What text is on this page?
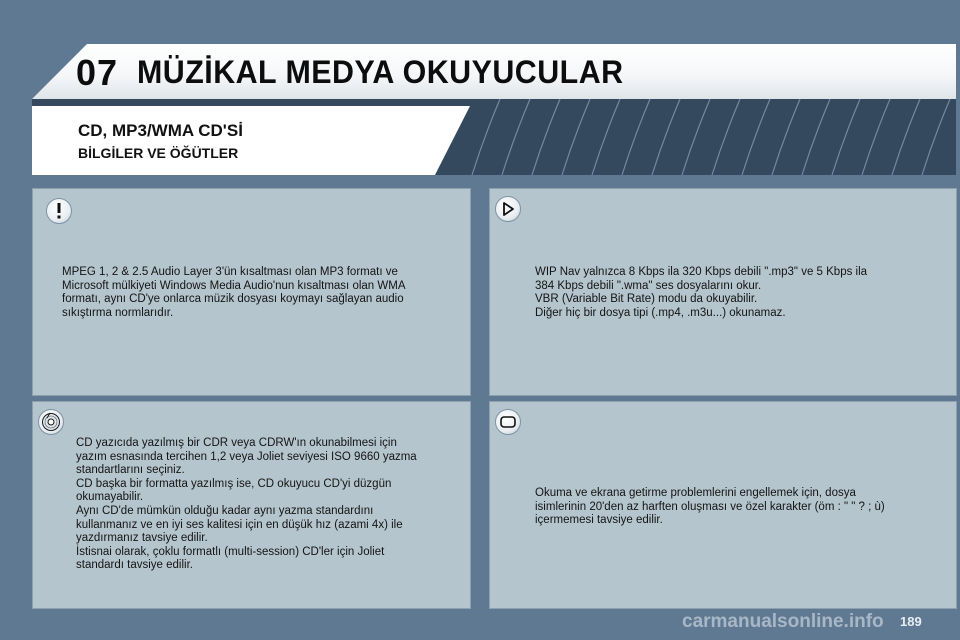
07 MÜZİKAL MEDYA OKUYUCULAR
CD, MP3/WMA CD'Sİ
BİLGİLER VE ÖĞÜTLER

MPEG 1, 2 & 2.5 Audio Layer 3'ün kısaltması olan MP3 formatı ve
Microsoft mülkiyeti Windows Media Audio'nun kısaltması olan WMA
formatı, aynı CD'ye onlarca müzik dosyası koymayı sağlayan audio
sıkıştırma normlarıdır.

WIP Nav yalnızca 8 Kbps ila 320 Kbps debili ".mp3" ve 5 Kbps ila
384 Kbps debili ".wma" ses dosyalarını okur.
VBR (Variable Bit Rate) modu da okuyabilir.
Diğer hiç bir dosya tipi (.mp4, .m3u...) okunamaz.

CD yazıcıda yazılmış bir CDR veya CDRW'ın okunabilmesi için
yazım esnasında tercihen 1,2 veya Joliet seviyesi ISO 9660 yazma
standartlarını seçiniz.
CD başka bir formatta yazılmış ise, CD okuyucu CD'yi düzgün
okumayabilir.
Aynı CD'de mümkün olduğu kadar aynı yazma standardını
kullanmanız ve en iyi ses kalitesi için en düşük hız (azami 4x) ile
yazdırmanız tavsiye edilir.
İstisnai olarak, çoklu formatlı (multi-session) CD'ler için Joliet
standardı tavsiye edilir.

Okuma ve ekrana getirme problemlerini engellemek için, dosya
isimlerinin 20'den az harften oluşması ve özel karakter (öm : " " ? ; ù)
içermemesi tavsiye edilir.

carmanualsonline.info 189
